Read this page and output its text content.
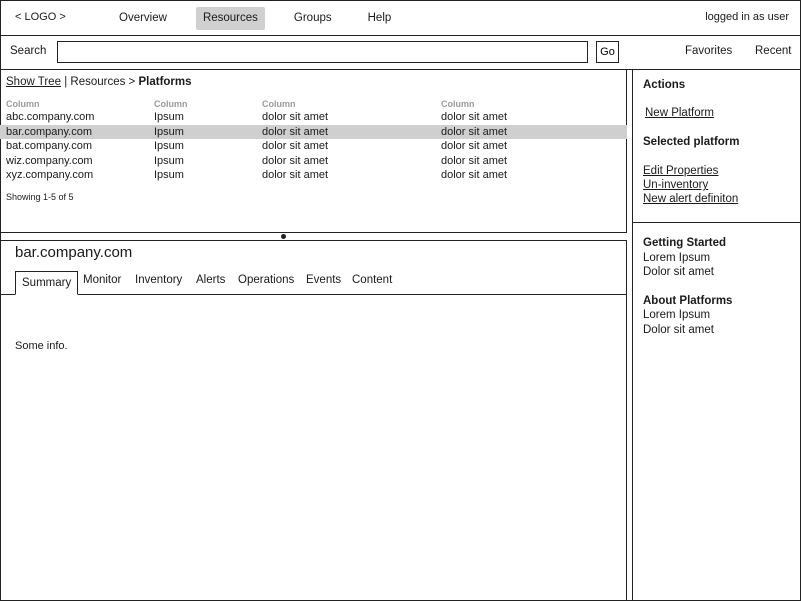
< LOGO >	Overview	Resources	Groups	Help	logged in as user
Search	Go	Favorites Recent
Show Tree | Resources > Platforms
Column	Column	Column	Column
abc.company.com	Ipsum	dolor sit amet	dolor sit amet
bar.company.com	Ipsum	dolor sit amet	dolor sit amet
bat.company.com	Ipsum	dolor sit amet	dolor sit amet
wiz.company.com	Ipsum	dolor sit amet	dolor sit amet
xyz.company.com	Ipsum	dolor sit amet	dolor sit amet
Showing 1-5 of 5
bar.company.com
Summary	Monitor Inventory Alerts Operations Events Content
Some info.
Actions
New Platform
Selected platform
Edit Properties
Un-inventory
New alert definiton
Getting Started
Lorem Ipsum
Dolor sit amet
About Platforms
Lorem Ipsum
Dolor sit amet
